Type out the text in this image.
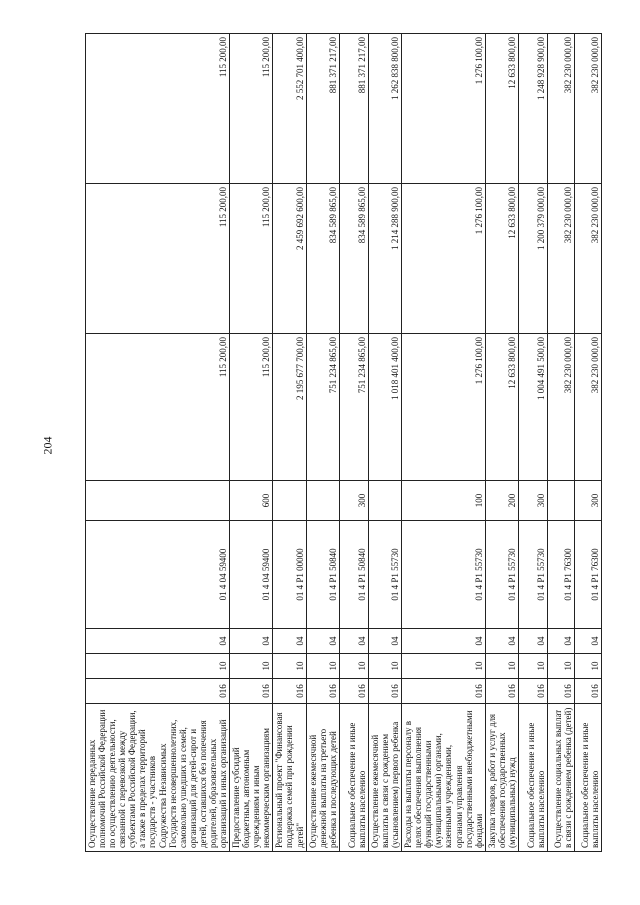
204
Осуществление переданных полномочий Российской Федерации по осуществлению деятельности, связанной с перевозкой между субъектами Российской Федерации, а также в пределах территорий государств - участников Содружества Независимых Государств несовершеннолетних, самовольно ушедших из семей, организаций для детей-сирот и детей, оставшихся без попечения родителей, образовательных организаций и иных организаций	016	10	04	01 4 04 59400		115 200,00	115 200,00	115 200,00
Предоставление субсидий бюджетным, автономным учреждениям и иным некоммерческим организациям	016	10	04	01 4 04 59400	600	115 200,00	115 200,00	115 200,00
Региональный проект "Финансовая поддержка семей при рождении детей"	016	10	04	01 4 P1 00000		2 195 677 700,00	2 459 692 600,00	2 552 701 400,00
Осуществление ежемесячной денежной выплаты на третьего ребенка и последующих детей	016	10	04	01 4 P1 50840		751 234 865,00	834 589 865,00	881 371 217,00
Социальное обеспечение и иные выплаты населению	016	10	04	01 4 P1 50840	300	751 234 865,00	834 589 865,00	881 371 217,00
Осуществление ежемесячной выплаты в связи с рождением (усыновлением) первого ребенка	016	10	04	01 4 P1 55730		1 018 401 400,00	1 214 288 900,00	1 262 838 800,00
Расходы на выплаты персоналу в целях обеспечения выполнения функций государственными (муниципальными) органами, казенными учреждениями, органами управления государственными внебюджетными фондами	016	10	04	01 4 P1 55730	100	1 276 100,00	1 276 100,00	1 276 100,00
Закупка товаров, работ и услуг для обеспечения государственных (муниципальных) нужд	016	10	04	01 4 P1 55730	200	12 633 800,00	12 633 800,00	12 633 800,00
Социальное обеспечение и иные выплаты населению	016	10	04	01 4 P1 55730	300	1 004 491 500,00	1 200 379 000,00	1 248 928 900,00
Осуществление социальных выплат в связи с рождением ребенка (детей)	016	10	04	01 4 P1 76300		382 230 000,00	382 230 000,00	382 230 000,00
Социальное обеспечение и иные выплаты населению	016	10	04	01 4 P1 76300	300	382 230 000,00	382 230 000,00	382 230 000,00
